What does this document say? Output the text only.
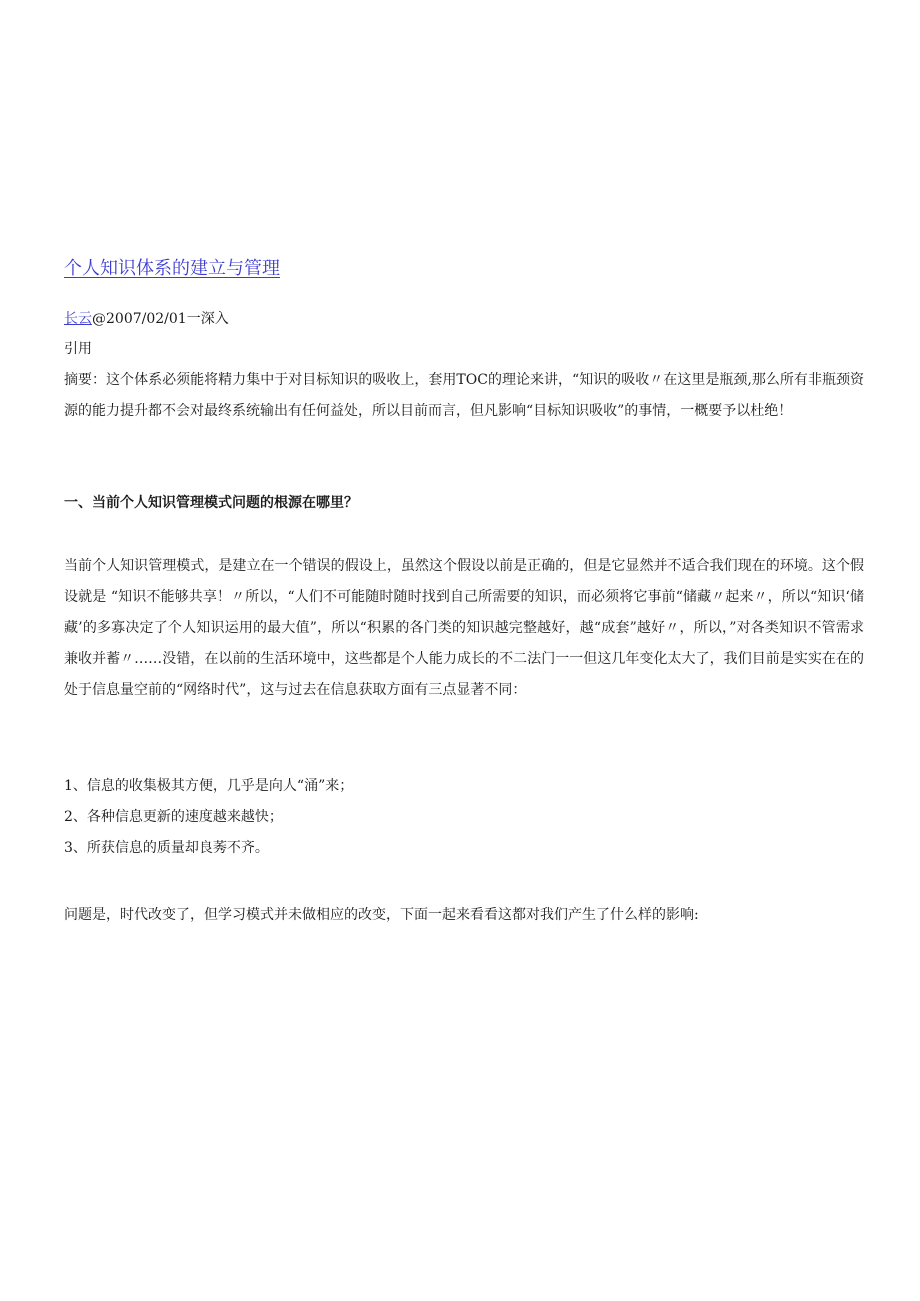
个人知识体系的建立与管理
长云@2007/02/01一深入
引用
摘要：这个体系必须能将精力集中于对目标知识的吸收上，套用TOC的理论来讲，“知识的吸收〃在这里是瓶颈,那么所有非瓶颈资源的能力提升都不会对最终系统输出有任何益处，所以目前而言，但凡影响“目标知识吸收”的事情，一概要予以杜绝！
一、当前个人知识管理模式问题的根源在哪里？
当前个人知识管理模式，是建立在一个错误的假设上，虽然这个假设以前是正确的，但是它显然并不适合我们现在的环境。这个假设就是 “知识不能够共享！〃所以，“人们不可能随时随时找到自己所需要的知识，而必须将它事前“储藏〃起来〃，所以“知识‘储藏’的多寡决定了个人知识运用的最大值”，所以“积累的各门类的知识越完整越好，越“成套”越好〃，所以，”对各类知识不管需求兼收并蓄〃……没错，在以前的生活环境中，这些都是个人能力成长的不二法门一一但这几年变化太大了，我们目前是实实在在的处于信息量空前的“网络时代”，这与过去在信息获取方面有三点显著不同：
1、信息的收集极其方便，几乎是向人“涌”来；
2、各种信息更新的速度越来越快；
3、所获信息的质量却良莠不齐。
问题是，时代改变了，但学习模式并未做相应的改变，下面一起来看看这都对我们产生了什么样的影响:
